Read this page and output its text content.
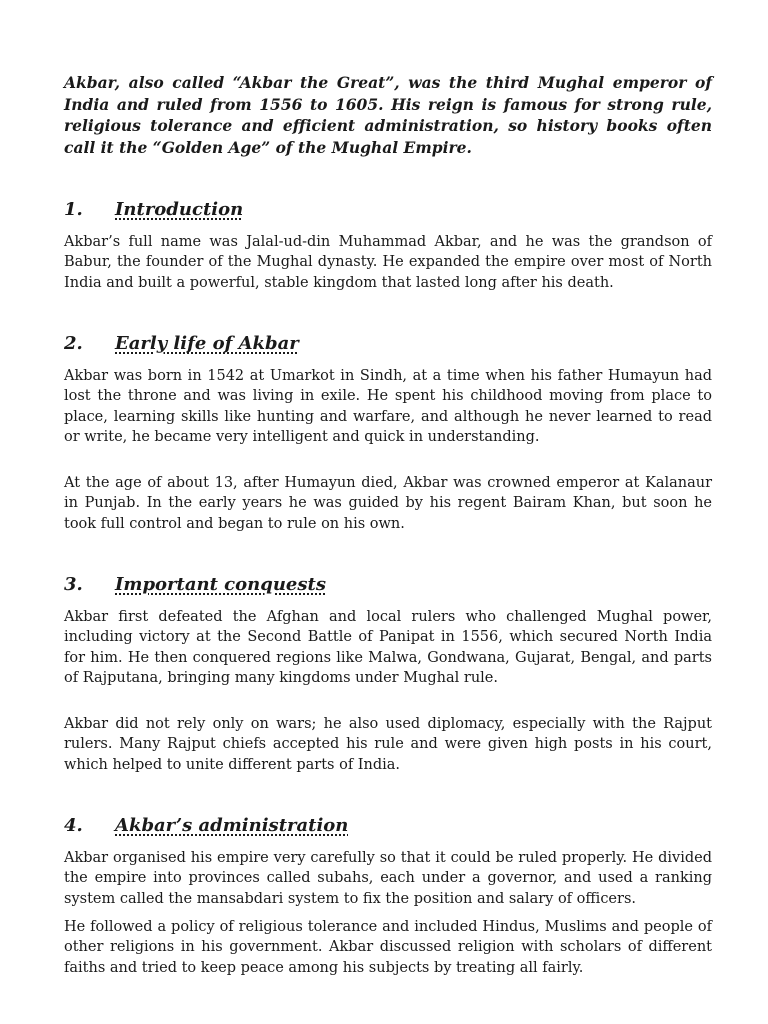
Akbar, also called “Akbar the Great”, was the third Mughal emperor of India and ruled from 1556 to 1605. His reign is famous for strong rule, religious tolerance and efficient administration, so history books often call it the “Golden Age” of the Mughal Empire.

1. Introduction

Akbar’s full name was Jalal-ud-din Muhammad Akbar, and he was the grandson of Babur, the founder of the Mughal dynasty. He expanded the empire over most of North India and built a powerful, stable kingdom that lasted long after his death.

2. Early life of Akbar

Akbar was born in 1542 at Umarkot in Sindh, at a time when his father Humayun had lost the throne and was living in exile. He spent his childhood moving from place to place, learning skills like hunting and warfare, and although he never learned to read or write, he became very intelligent and quick in understanding.

At the age of about 13, after Humayun died, Akbar was crowned emperor at Kalanaur in Punjab. In the early years he was guided by his regent Bairam Khan, but soon he took full control and began to rule on his own.

3. Important conquests

Akbar first defeated the Afghan and local rulers who challenged Mughal power, including victory at the Second Battle of Panipat in 1556, which secured North India for him. He then conquered regions like Malwa, Gondwana, Gujarat, Bengal, and parts of Rajputana, bringing many kingdoms under Mughal rule.

Akbar did not rely only on wars; he also used diplomacy, especially with the Rajput rulers. Many Rajput chiefs accepted his rule and were given high posts in his court, which helped to unite different parts of India.

4. Akbar’s administration

Akbar organised his empire very carefully so that it could be ruled properly. He divided the empire into provinces called subahs, each under a governor, and used a ranking system called the mansabdari system to fix the position and salary of officers.

He followed a policy of religious tolerance and included Hindus, Muslims and people of other religions in his government. Akbar discussed religion with scholars of different faiths and tried to keep peace among his subjects by treating all fairly.
